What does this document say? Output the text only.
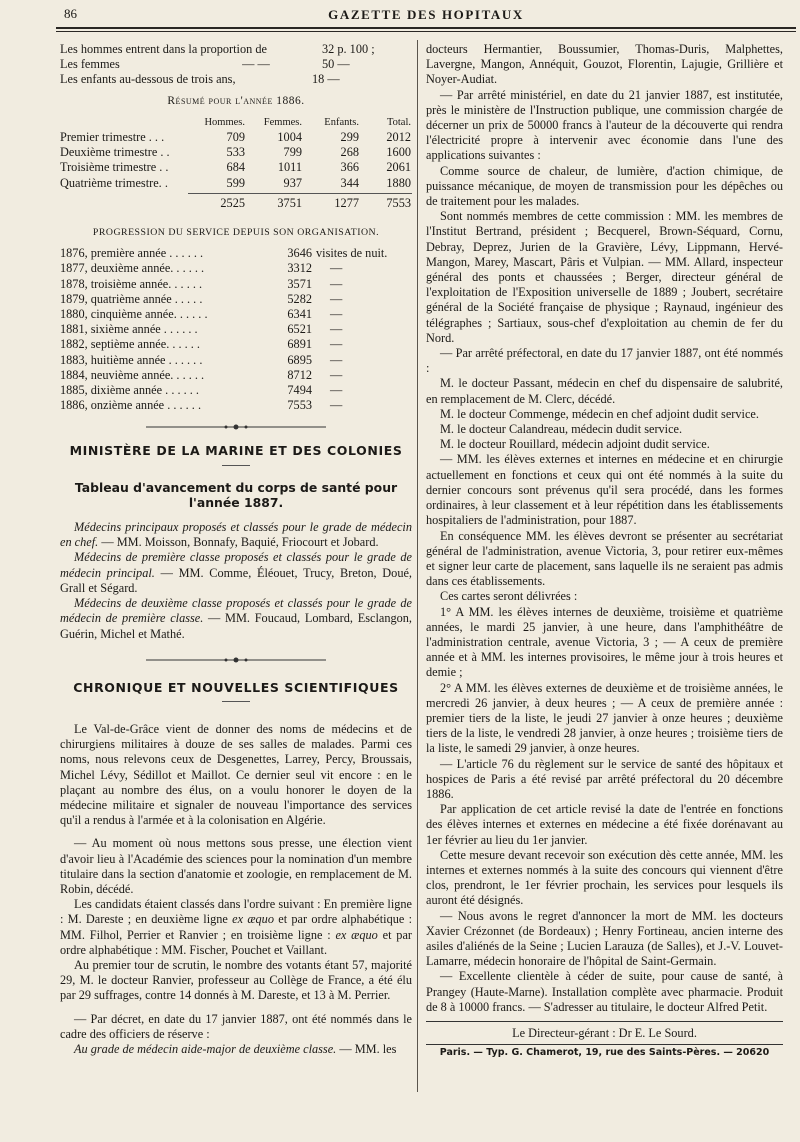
86	GAZETTE DES HOPITAUX
Les hommes entrent dans la proportion de	32 p. 100 ;
Les femmes	— —	50 —
Les enfants au-dessous de trois ans,	18 —
Résumé pour l'année 1886.
Hommes.	Femmes.	Enfants.	Total.
Premier trimestre . . .	709	1004	299	2012
Deuxième trimestre . .	533	799	268	1600
Troisième trimestre . .	684	1011	366	2061
Quatrième trimestre. .	599	937	344	1880
2525	3751	1277	7553
PROGRESSION DU SERVICE DEPUIS SON ORGANISATION.
1876, première année . . . . . .	3646 visites de nuit.
1877, deuxième année. . . . . .	3312	—
1878, troisième année. . . . . .	3571	—
1879, quatrième année . . . . .	5282	—
1880, cinquième année. . . . . .	6341	—
1881, sixième année . . . . . .	6521	—
1882, septième année. . . . . .	6891	—
1883, huitième année . . . . . .	6895	—
1884, neuvième année. . . . . .	8712	—
1885, dixième année . . . . . .	7494	—
1886, onzième année . . . . . .	7553	—
MINISTÈRE DE LA MARINE ET DES COLONIES
Tableau d'avancement du corps de santé pour l'année 1887.

Médecins principaux proposés et classés pour le grade de médecin en chef. — MM. Moisson, Bonnafy, Baquié, Friocourt et Jobard.

Médecins de première classe proposés et classés pour le grade de médecin principal. — MM. Comme, Éléouet, Trucy, Breton, Doué, Grall et Ségard.

Médecins de deuxième classe proposés et classés pour le grade de médecin de première classe. — MM. Foucaud, Lombard, Esclangon, Guérin, Michel et Mathé.

CHRONIQUE ET NOUVELLES SCIENTIFIQUES

Le Val-de-Grâce vient de donner des noms de médecins et de chirurgiens militaires à douze de ses salles de malades. Parmi ces noms, nous relevons ceux de Desgenettes, Larrey, Percy, Broussais, Michel Lévy, Sédillot et Maillot. Ce dernier seul vit encore : en le plaçant au nombre des élus, on a voulu honorer le doyen de la médecine militaire et signaler de nouveau l'importance des services qu'il a rendus à l'armée et à la colonisation en Algérie.

— Au moment où nous mettons sous presse, une élection vient d'avoir lieu à l'Académie des sciences pour la nomination d'un membre titulaire dans la section d'anatomie et zoologie, en remplacement de M. Robin, décédé.

Les candidats étaient classés dans l'ordre suivant : En première ligne : M. Dareste ; en deuxième ligne ex æquo et par ordre alphabétique : MM. Filhol, Perrier et Ranvier ; en troisième ligne : ex æquo et par ordre alphabétique : MM. Fischer, Pouchet et Vaillant.

Au premier tour de scrutin, le nombre des votants étant 57, majorité 29, M. le docteur Ranvier, professeur au Collège de France, a été élu par 29 suffrages, contre 14 donnés à M. Dareste, et 13 à M. Perrier.

— Par décret, en date du 17 janvier 1887, ont été nommés dans le cadre des officiers de réserve :

Au grade de médecin aide-major de deuxième classe. — MM. les

docteurs Hermantier, Boussumier, Thomas-Duris, Malphettes, Lavergne, Mangon, Annéquit, Gouzot, Florentin, Lajugie, Grillière et Noyer-Audiat.

— Par arrêté ministériel, en date du 21 janvier 1887, est institutée, près le ministère de l'Instruction publique, une commission chargée de décerner un prix de 50000 francs à l'auteur de la découverte qui rendra l'électricité propre à intervenir avec économie dans l'une des applications suivantes :

Comme source de chaleur, de lumière, d'action chimique, de puissance mécanique, de moyen de transmission pour les dépêches ou de traitement pour les malades.

Sont nommés membres de cette commission : MM. les membres de l'Institut Bertrand, président ; Becquerel, Brown-Séquard, Cornu, Debray, Deprez, Jurien de la Gravière, Lévy, Lippmann, Hervé-Mangon, Marey, Mascart, Pâris et Vulpian. — MM. Allard, inspecteur général des ponts et chaussées ; Berger, directeur général de l'exploitation de l'Exposition universelle de 1889 ; Joubert, secrétaire général de la Société française de physique ; Raynaud, ingénieur des télégraphes ; Sartiaux, sous-chef d'exploitation au chemin de fer du Nord.

— Par arrêté préfectoral, en date du 17 janvier 1887, ont été nommés :

M. le docteur Passant, médecin en chef du dispensaire de salubrité, en remplacement de M. Clerc, décédé.

M. le docteur Commenge, médecin en chef adjoint dudit service.

M. le docteur Calandreau, médecin dudit service.

M. le docteur Rouillard, médecin adjoint dudit service.

— MM. les élèves externes et internes en médecine et en chirurgie actuellement en fonctions et ceux qui ont été nommés à la suite du dernier concours sont prévenus qu'il sera procédé, dans les formes ordinaires, à leur classement et à leur répétition dans les établissements hospitaliers de l'administration, pour 1887.

En conséquence MM. les élèves devront se présenter au secrétariat général de l'administration, avenue Victoria, 3, pour retirer eux-mêmes et signer leur carte de placement, sans laquelle ils ne seraient pas admis dans ces établissements.

Ces cartes seront délivrées :

1° A MM. les élèves internes de deuxième, troisième et quatrième années, le mardi 25 janvier, à une heure, dans l'amphithéâtre de l'administration centrale, avenue Victoria, 3 ; — A ceux de première année et à MM. les internes provisoires, le même jour à trois heures et demie ;

2° A MM. les élèves externes de deuxième et de troisième années, le mercredi 26 janvier, à deux heures ; — A ceux de première année : premier tiers de la liste, le jeudi 27 janvier à onze heures ; deuxième tiers de la liste, le vendredi 28 janvier, à onze heures ; troisième tiers de la liste, le samedi 29 janvier, à onze heures.

— L'article 76 du règlement sur le service de santé des hôpitaux et hospices de Paris a été revisé par arrêté préfectoral du 20 décembre 1886.

Par application de cet article revisé la date de l'entrée en fonctions des élèves internes et externes en médecine a été fixée dorénavant au 1er février au lieu du 1er janvier.

Cette mesure devant recevoir son exécution dès cette année, MM. les internes et externes nommés à la suite des concours qui viennent d'être clos, prendront, le 1er février prochain, les services pour lesquels ils auront été désignés.

— Nous avons le regret d'annoncer la mort de MM. les docteurs Xavier Crézonnet (de Bordeaux) ; Henry Fortineau, ancien interne des asiles d'aliénés de la Seine ; Lucien Larauza (de Salles), et J.-V. Louvet-Lamarre, médecin honoraire de l'hôpital de Saint-Germain.

— Excellente clientèle à céder de suite, pour cause de santé, à Prangey (Haute-Marne). Installation complète avec pharmacie. Produit de 8 à 10000 francs. — S'adresser au titulaire, le docteur Alfred Petit.

Le Directeur-gérant : Dr E. Le Sourd.
Paris. — Typ. G. Chamerot, 19, rue des Saints-Pères. — 20620
